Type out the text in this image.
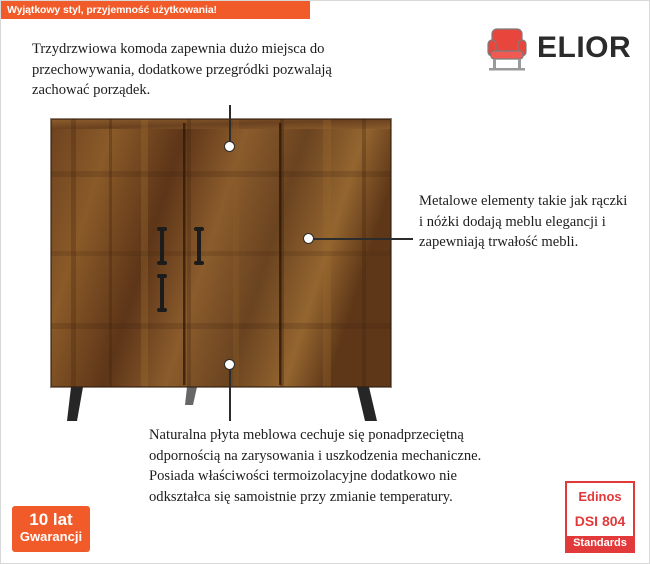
Wyjątkowy styl, przyjemność użytkowania!
ELIOR
Trzydrzwiowa komoda zapewnia dużo miejsca do przechowywania, dodatkowe przegródki pozwalają zachować porządek.
Metalowe elementy takie jak rączki i nóżki dodają meblu elegancji i zapewniają trwałość mebli.
Naturalna płyta meblowa cechuje się ponadprzeciętną odpornością na zarysowania i uszkodzenia mechaniczne. Posiada właściwości termoizolacyjne dodatkowo nie odkształca się samoistnie przy zmianie temperatury.
10 lat
Gwarancji
Edinos
DSI 804
Standards
